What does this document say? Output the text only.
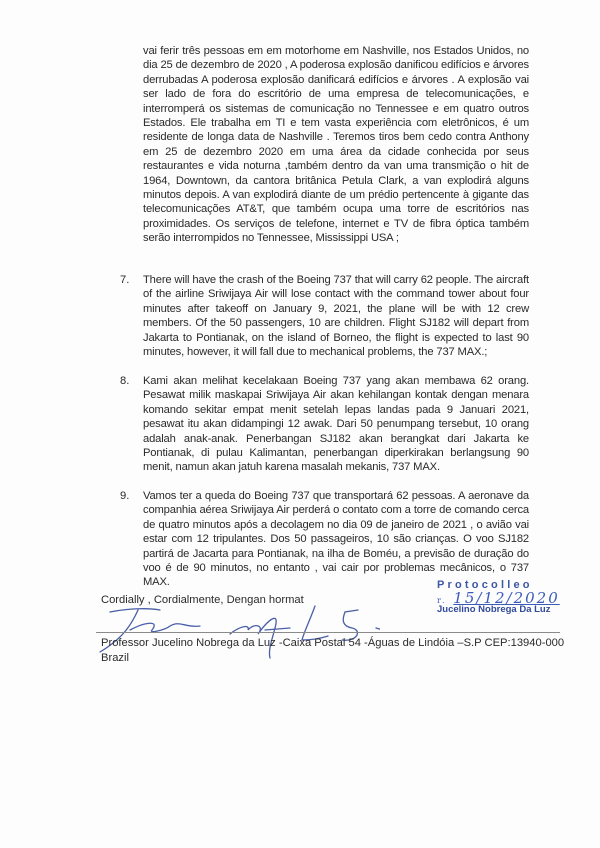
vai ferir três pessoas em em motorhome em Nashville, nos Estados Unidos, no dia 25 de dezembro de 2020 , A poderosa explosão danificou edifícios e árvores derrubadas A poderosa explosão danificará edifícios e árvores . A explosão vai ser lado de fora do escritório de uma empresa de telecomunicações, e interromperá os sistemas de comunicação no Tennessee e em quatro outros Estados. Ele trabalha em TI e tem vasta experiência com eletrônicos, é um residente de longa data de Nashville . Teremos tiros bem cedo contra Anthony em 25 de dezembro 2020 em uma área da cidade conhecida por seus restaurantes e vida noturna ,também dentro da van uma transmição o hit de 1964, Downtown, da cantora britânica Petula Clark, a van explodirá alguns minutos depois. A van explodirá diante de um prédio pertencente à gigante das telecomunicações AT&T, que também ocupa uma torre de escritórios nas proximidades. Os serviços de telefone, internet e TV de fibra óptica também serão interrompidos no Tennessee, Mississippi USA ;
7.	There will have the crash of the Boeing 737 that will carry 62 people. The aircraft of the airline Sriwijaya Air will lose contact with the command tower about four minutes after takeoff on January 9, 2021, the plane will be with 12 crew members. Of the 50 passengers, 10 are children. Flight SJ182 will depart from Jakarta to Pontianak, on the island of Borneo, the flight is expected to last 90 minutes, however, it will fall due to mechanical problems, the 737 MAX.;
8.	Kami akan melihat kecelakaan Boeing 737 yang akan membawa 62 orang. Pesawat milik maskapai Sriwijaya Air akan kehilangan kontak dengan menara komando sekitar empat menit setelah lepas landas pada 9 Januari 2021, pesawat itu akan didampingi 12 awak. Dari 50 penumpang tersebut, 10 orang adalah anak-anak. Penerbangan SJ182 akan berangkat dari Jakarta ke Pontianak, di pulau Kalimantan, penerbangan diperkirakan berlangsung 90 menit, namun akan jatuh karena masalah mekanis, 737 MAX.
9.	Vamos ter a queda do Boeing 737 que transportará 62 pessoas. A aeronave da companhia aérea Sriwijaya Air perderá o contato com a torre de comando cerca de quatro minutos após a decolagem no dia 09 de janeiro de 2021 , o avião vai estar com 12 tripulantes. Dos 50 passageiros, 10 são crianças. O voo SJ182 partirá de Jacarta para Pontianak, na ilha de Boméu, a previsão de duração do voo é de 90 minutos, no entanto , vai cair por problemas mecânicos, o 737 MAX.
Cordially , Cordialmente, Dengan hormat
Protocolleo
r. 15/12/2020
Jucelino Nobrega Da Luz
Professor Jucelino Nobrega da Luz -Caixa Postal 54 -Águas de Lindóia –S.P CEP:13940-000
Brazil
